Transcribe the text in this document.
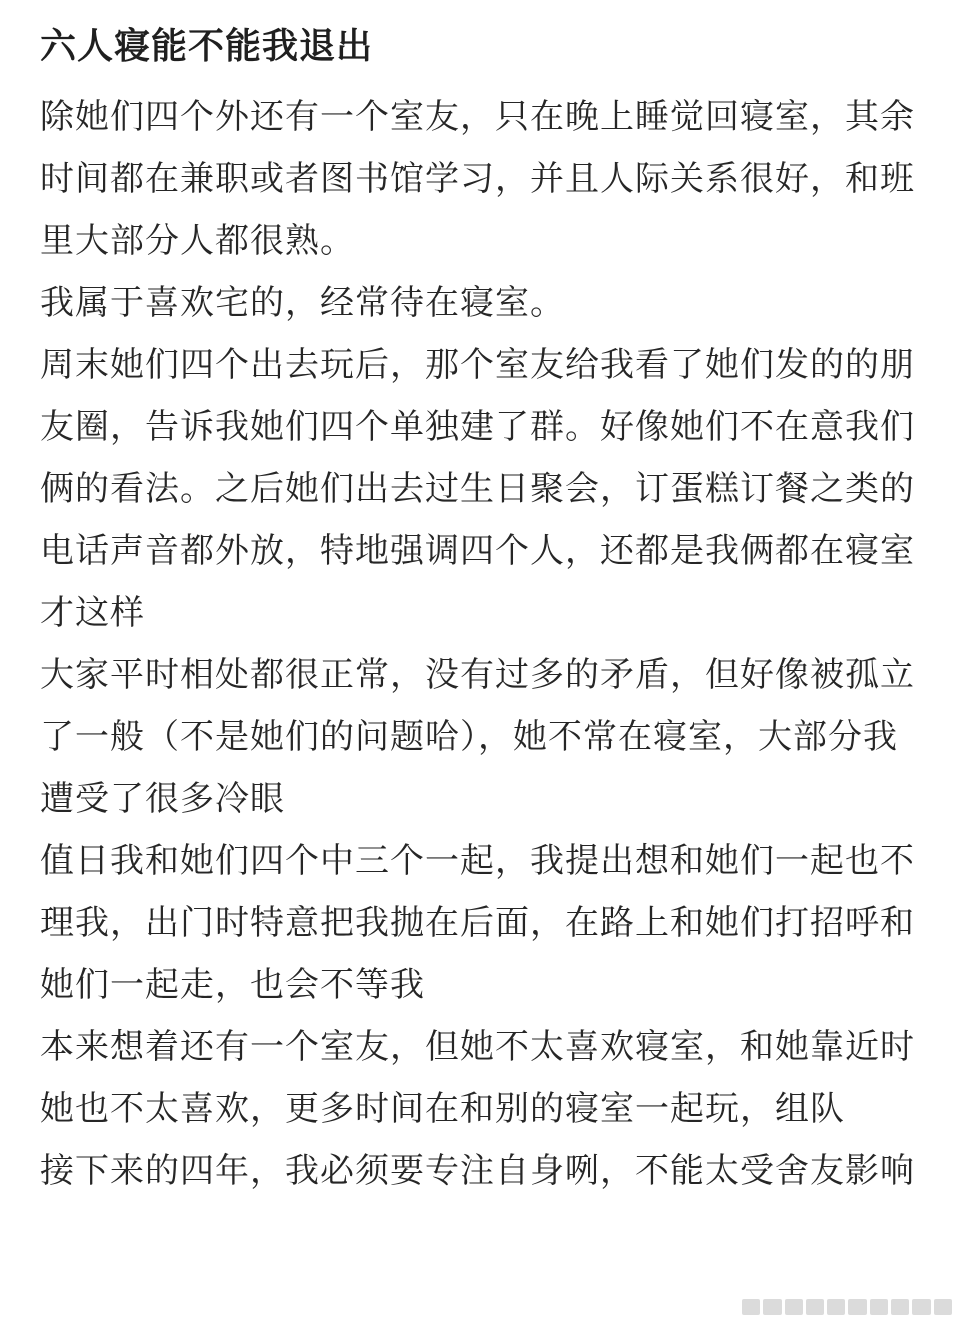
六人寝能不能我退出

除她们四个外还有一个室友，只在晚上睡觉回寝室，其余时间都在兼职或者图书馆学习，并且人际关系很好，和班里大部分人都很熟。

我属于喜欢宅的，经常待在寝室。

周末她们四个出去玩后，那个室友给我看了她们发的的朋友圈，告诉我她们四个单独建了群。好像她们不在意我们俩的看法。之后她们出去过生日聚会，订蛋糕订餐之类的电话声音都外放，特地强调四个人，还都是我俩都在寝室才这样

大家平时相处都很正常，没有过多的矛盾，但好像被孤立了一般（不是她们的问题哈），她不常在寝室，大部分我遭受了很多冷眼

值日我和她们四个中三个一起，我提出想和她们一起也不理我，出门时特意把我抛在后面，在路上和她们打招呼和她们一起走，也会不等我

本来想着还有一个室友，但她不太喜欢寝室，和她靠近时她也不太喜欢，更多时间在和别的寝室一起玩，组队

接下来的四年，我必须要专注自身咧，不能太受舍友影响
